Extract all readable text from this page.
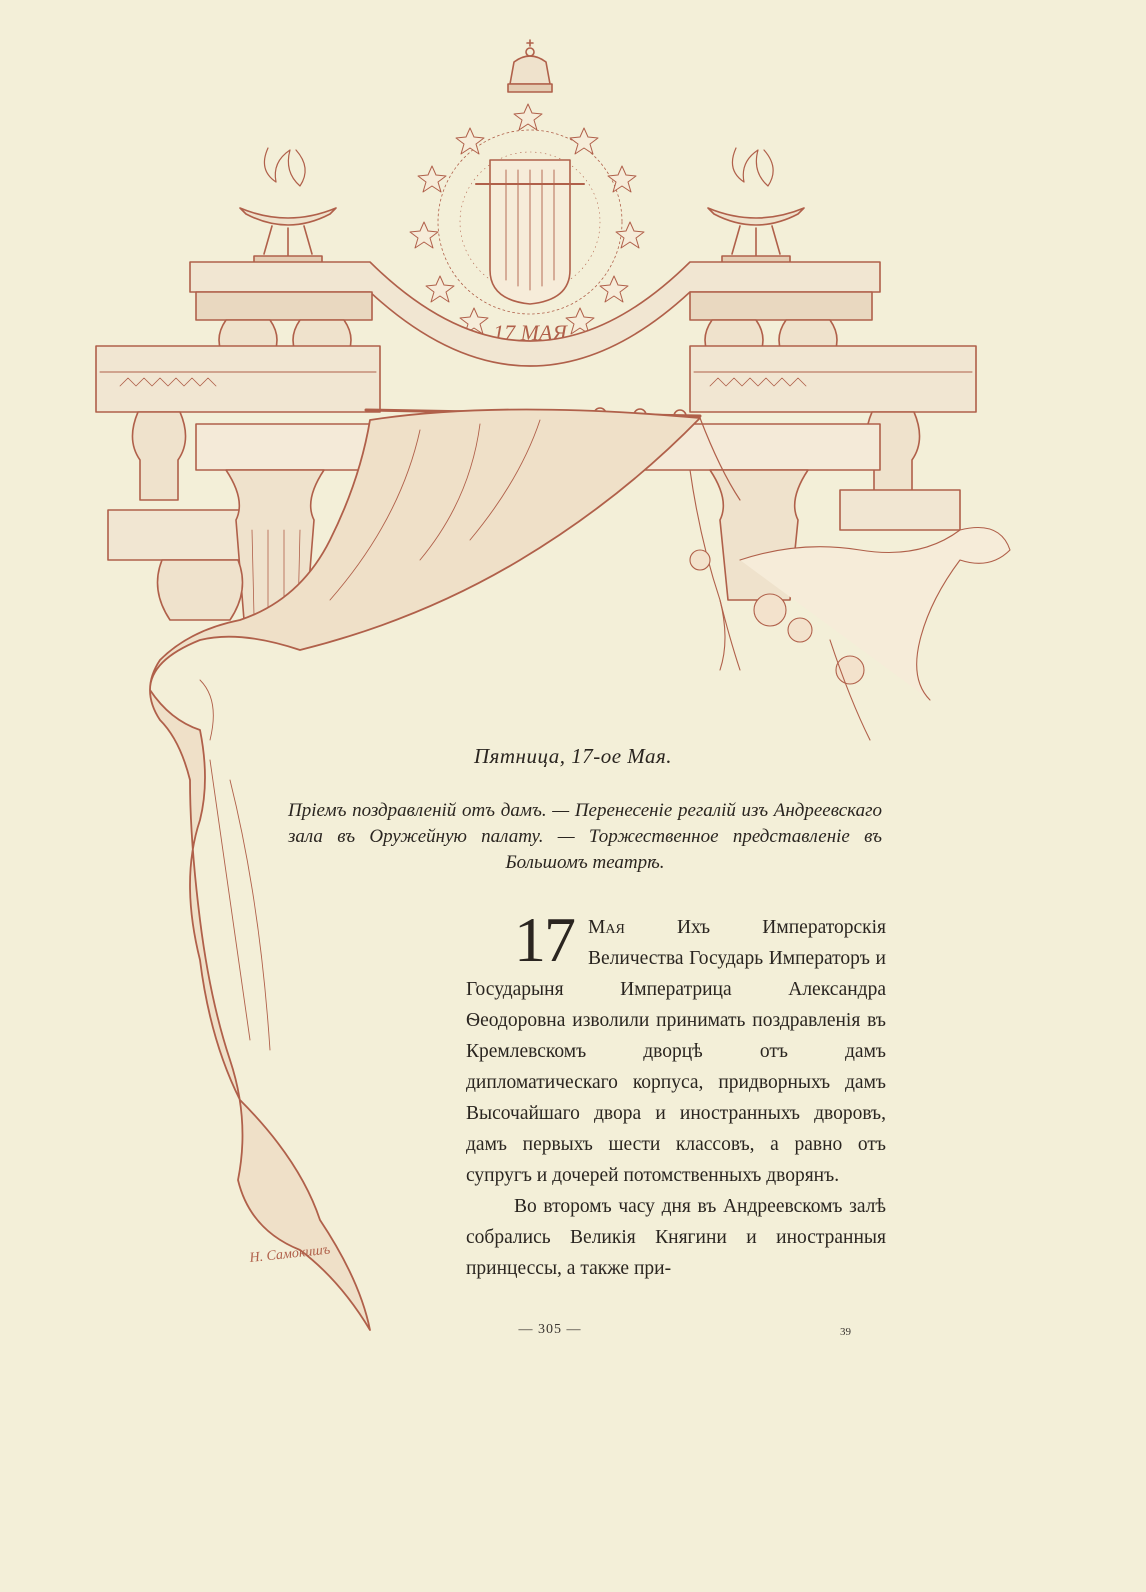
17 МАЯ
Н. Самокишъ
Пятница, 17-ое Мая.
Пріемъ поздравленій отъ дамъ. — Перенесеніе регалій изъ Андреевскаго зала въ Оружейную палату. — Торжественное представленіе въ Большомъ театрѣ.

17 Мая	Ихъ Императорскія Величества Государь Императоръ и Государыня Императрица Александра Ѳеодоровна изволили принимать поздравленія въ Кремлевскомъ дворцѣ отъ дамъ дипломатическаго корпуса, придворныхъ дамъ Высочайшаго двора и иностранныхъ дворовъ, дамъ первыхъ шести классовъ, а равно отъ супругъ и дочерей потомственныхъ дворянъ.

Во второмъ часу дня въ Андреевскомъ залѣ собрались Великія Княгини и иностранныя принцессы, а также при-

— 305 —	39
